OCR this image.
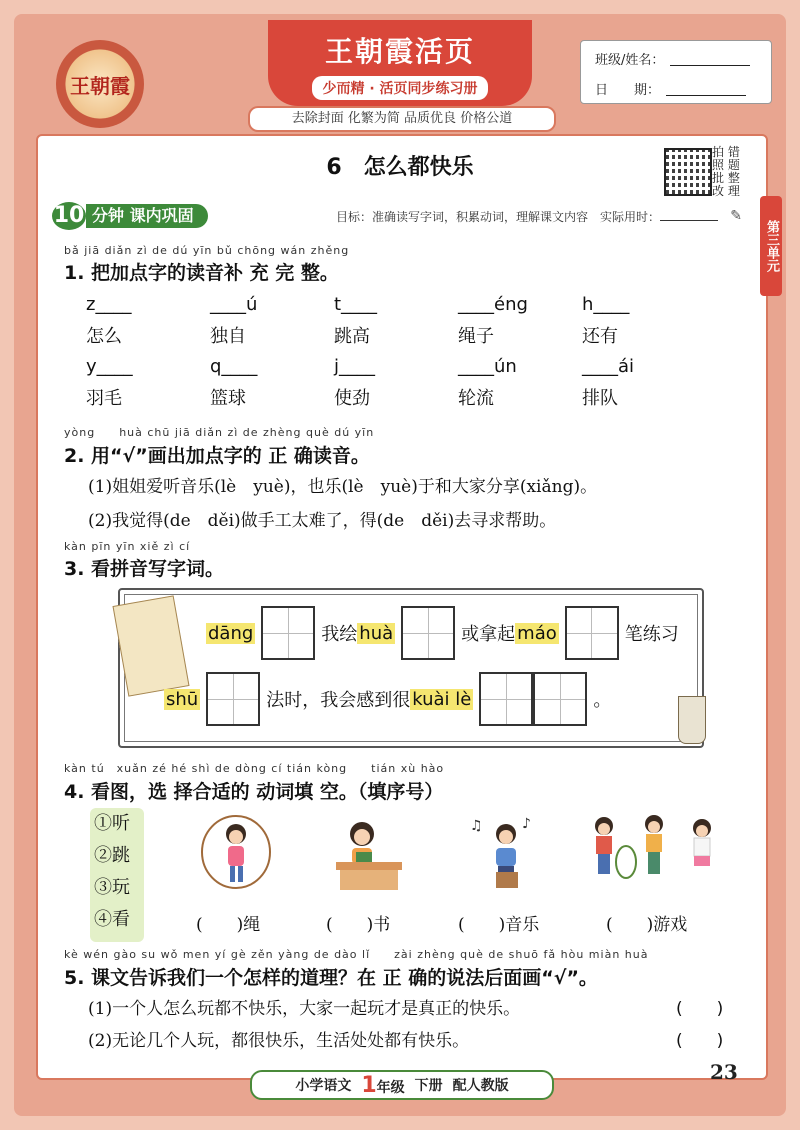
王朝霞
王朝霞活页
少而精 · 活页同步练习册
去除封面 化繁为简 品质优良 价格公道
班级/姓名：
日　　期：
第三单元
6　怎么都快乐
拍 错
照 题
批 整
改 理
10 分钟 课内巩固	目标：准确读写字词，积累动词，理解课文内容　实际用时：	✎
bǎ jiā diǎn zì de dú yīn bǔ chōng wán zhěng
1. 把加点字的读音补 充 完 整。
z____	____ú	t____	____éng	h____
怎么	独自	跳高	绳子	还有
y____	q____	j____	____ún	____ái
羽毛	篮球	使劲	轮流	排队
yòng　　huà chū jiā diǎn zì de zhèng què dú yīn
2. 用“√”画出加点字的 正 确读音。
(1)姐姐爱听音乐(lè　yuè)，也乐(lè　yuè)于和大家分享(xiǎng)。
(2)我觉得(de　děi)做手工太难了，得(de　děi)去寻求帮助。
kàn pīn yīn xiě zì cí
3. 看拼音写字词。
dāng	我绘 huà	或拿起 máo	笔练习
shū	法时，我会感到很 kuài lè	。
kàn tú　xuǎn zé hé shì de dòng cí tián kòng　　tián xù hào
4. 看图，选 择合适的 动词填 空。（填序号）
①听
②跳
③玩
④看
♫	♪
(　　)绳	(　　)书	(　　)音乐	(　　)游戏
kè wén gào su wǒ men yí gè zěn yàng de dào lǐ　　zài zhèng què de shuō fǎ hòu miàn huà
5. 课文告诉我们一个怎样的道理？在 正 确的说法后面画“√”。
(1)一个人怎么玩都不快乐，大家一起玩才是真正的快乐。	(　　)
(2)无论几个人玩，都很快乐，生活处处都有快乐。	(　　)
小学语文 1年级 下册 配人教版
23
